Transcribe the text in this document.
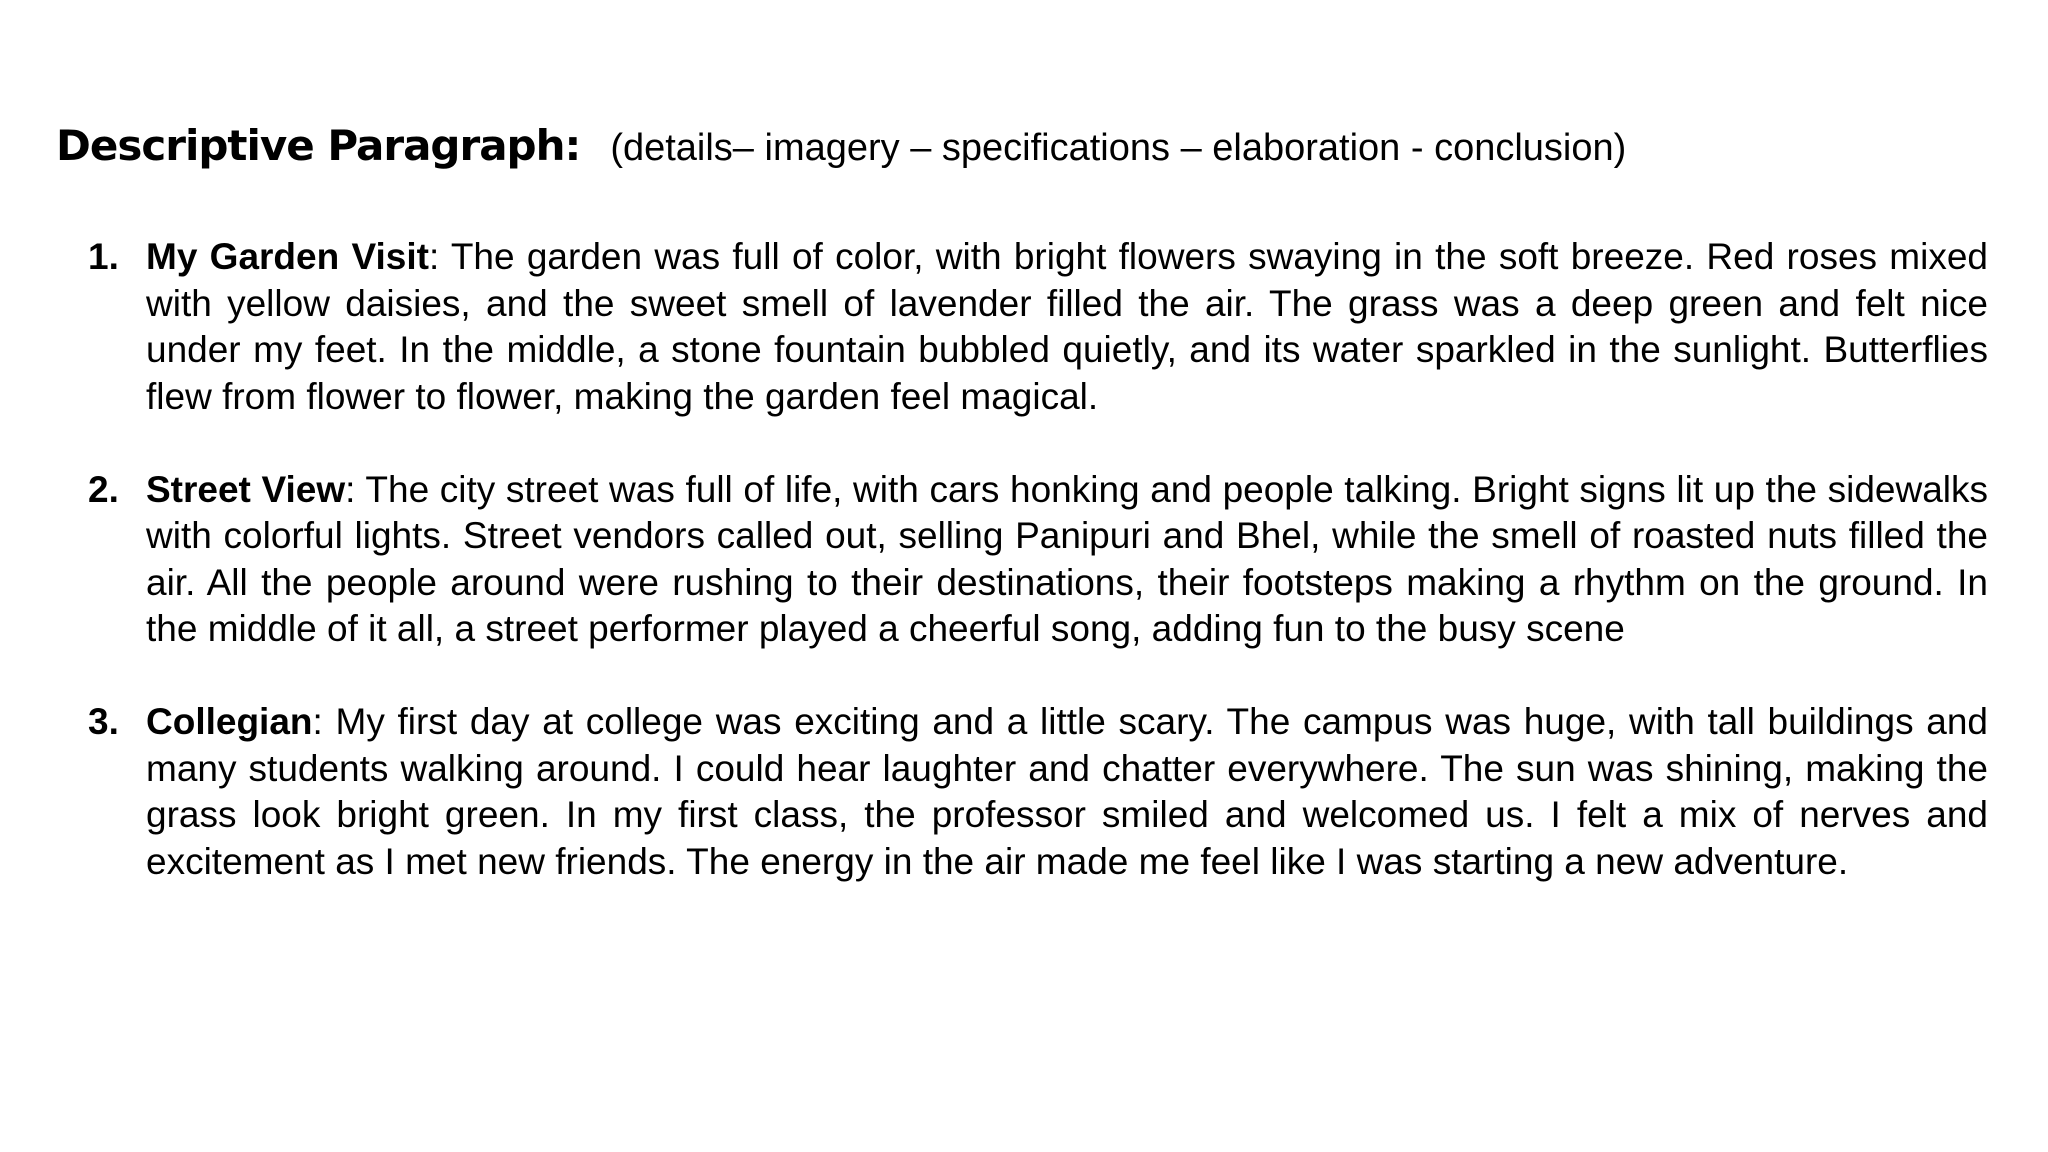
Descriptive Paragraph: (details– imagery – specifications – elaboration - conclusion)
1. My Garden Visit: The garden was full of color, with bright flowers swaying in the soft breeze. Red roses mixed with yellow daisies, and the sweet smell of lavender filled the air. The grass was a deep green and felt nice under my feet. In the middle, a stone fountain bubbled quietly, and its water sparkled in the sunlight. Butterflies flew from flower to flower, making the garden feel magical.
2. Street View: The city street was full of life, with cars honking and people talking. Bright signs lit up the sidewalks with colorful lights. Street vendors called out, selling Panipuri and Bhel, while the smell of roasted nuts filled the air. All the people around were rushing to their destinations, their footsteps making a rhythm on the ground. In the middle of it all, a street performer played a cheerful song, adding fun to the busy scene
3. Collegian: My first day at college was exciting and a little scary. The campus was huge, with tall buildings and many students walking around. I could hear laughter and chatter everywhere. The sun was shining, making the grass look bright green. In my first class, the professor smiled and welcomed us. I felt a mix of nerves and excitement as I met new friends. The energy in the air made me feel like I was starting a new adventure.
